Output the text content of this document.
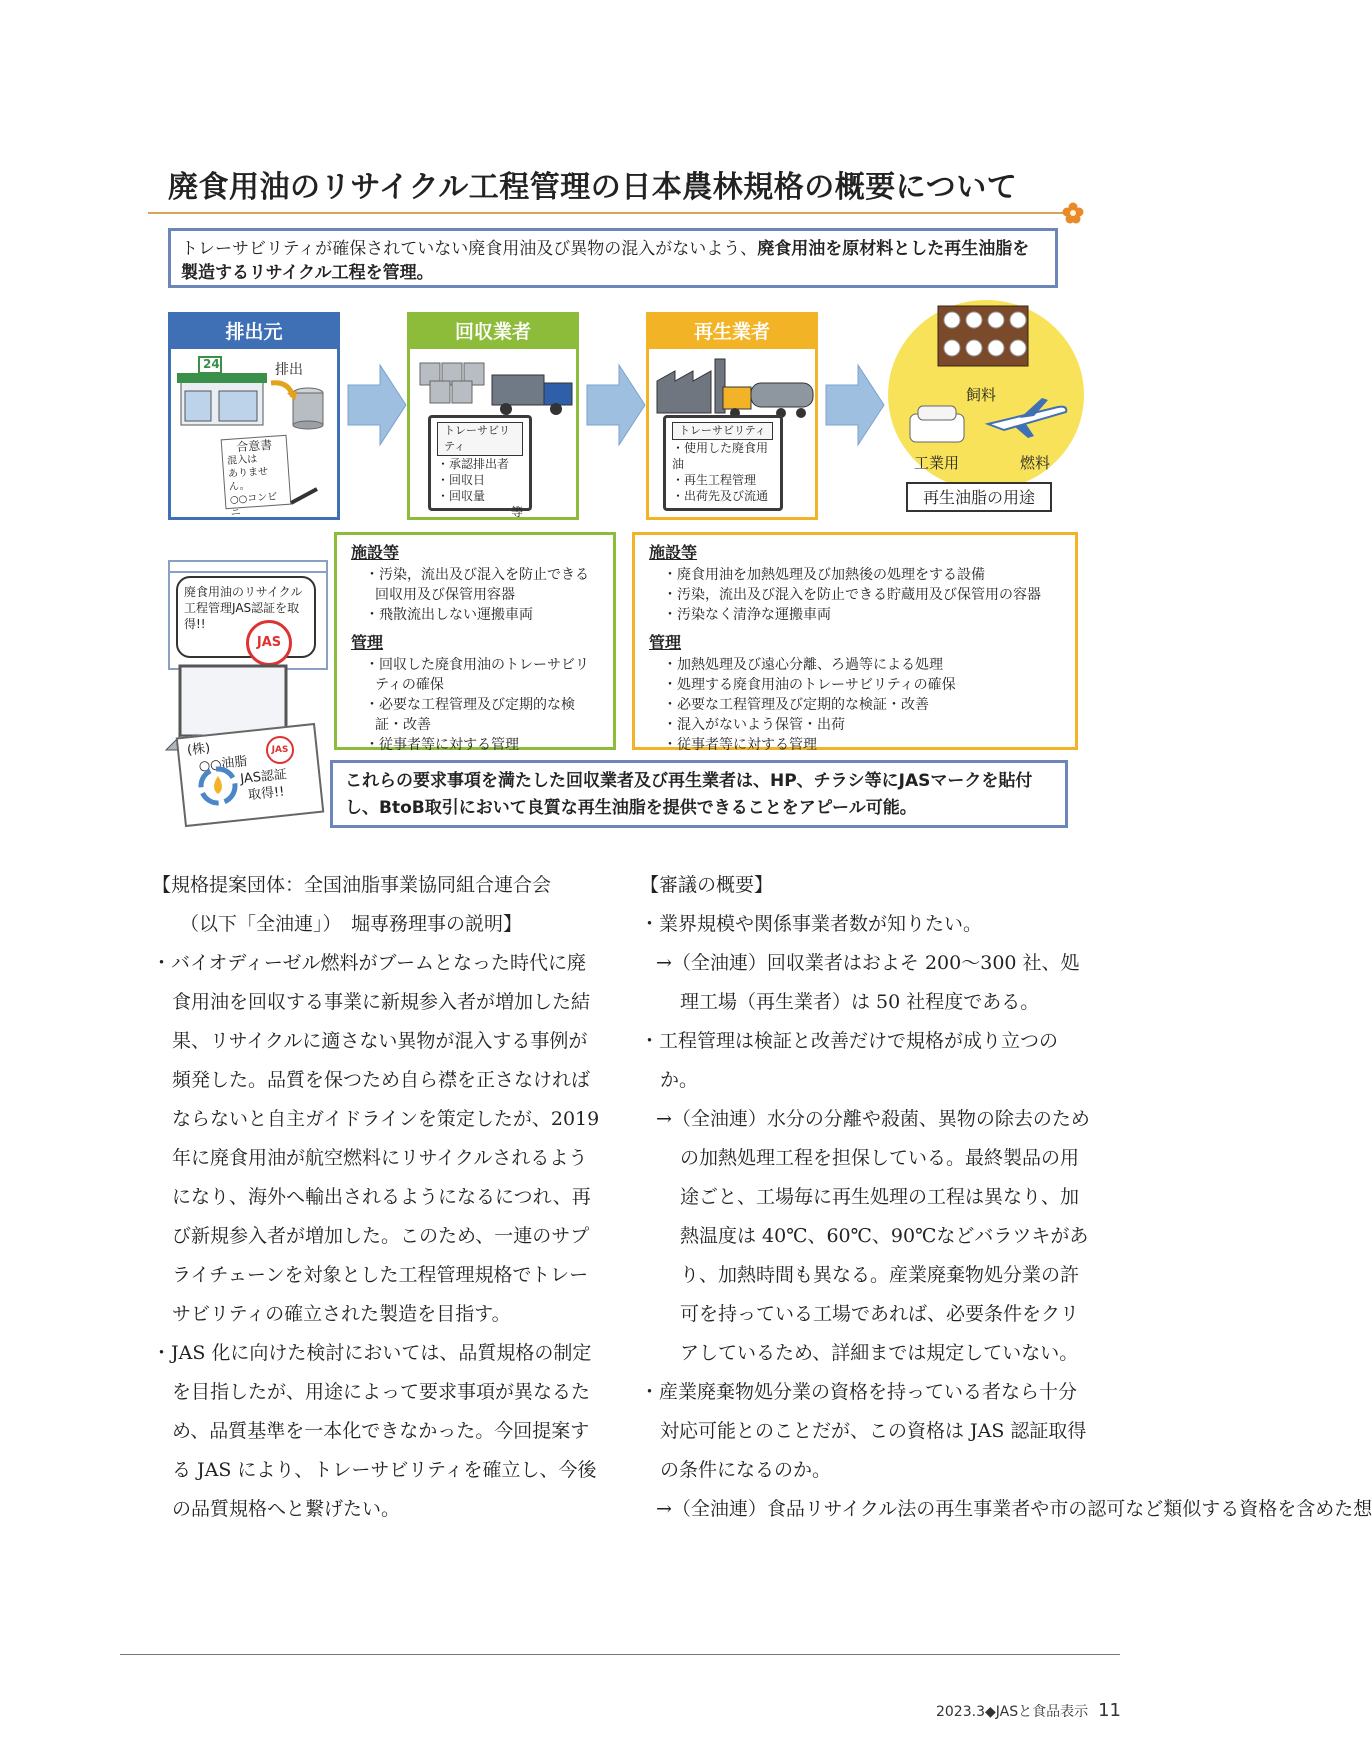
廃食用油のリサイクル工程管理の日本農林規格の概要について
トレーサビリティが確保されていない廃食用油及び異物の混入がないよう、廃食用油を原材料とした再生油脂を製造するリサイクル工程を管理。
排出元
24	排出
合意書
混入は
ありません。
○○コンビニ
回収業者
トレーサビリティ
・承認排出者
・回収日
・回収量
等
再生業者
トレーサビリティ
・使用した廃食用油
・再生工程管理
・出荷先及び流通
飼料
工業用	燃料
再生油脂の用途
廃食用油のリサイクル工程管理JAS認証を取得!!
JAS
(株)
○○油脂
JAS認証
取得!!
JAS
施設等
・汚染，流出及び混入を防止できる回収用及び保管用容器
・飛散流出しない運搬車両
管理
・回収した廃食用油のトレーサビリティの確保
・必要な工程管理及び定期的な検証・改善
・従事者等に対する管理
施設等
・廃食用油を加熱処理及び加熱後の処理をする設備
・汚染，流出及び混入を防止できる貯蔵用及び保管用の容器
・汚染なく清浄な運搬車両
管理
・加熱処理及び遠心分離、ろ過等による処理
・処理する廃食用油のトレーサビリティの確保
・必要な工程管理及び定期的な検証・改善
・混入がないよう保管・出荷
・従事者等に対する管理
これらの要求事項を満たした回収業者及び再生業者は、HP、チラシ等にJASマークを貼付し、BtoB取引において良質な再生油脂を提供できることをアピール可能。

【規格提案団体：全国油脂事業協同組合連合会

（以下「全油連」）　堀専務理事の説明】

・バイオディーゼル燃料がブームとなった時代に廃食用油を回収する事業に新規参入者が増加した結果、リサイクルに適さない異物が混入する事例が頻発した。品質を保つため自ら襟を正さなければならないと自主ガイドラインを策定したが、2019 年に廃食用油が航空燃料にリサイクルされるようになり、海外へ輸出されるようになるにつれ、再び新規参入者が増加した。このため、一連のサプライチェーンを対象とした工程管理規格でトレーサビリティの確立された製造を目指す。

・JAS 化に向けた検討においては、品質規格の制定を目指したが、用途によって要求事項が異なるため、品質基準を一本化できなかった。今回提案する JAS により、トレーサビリティを確立し、今後の品質規格へと繋げたい。

【審議の概要】

・業界規模や関係事業者数が知りたい。

→（全油連）回収業者はおよそ 200〜300 社、処理工場（再生業者）は 50 社程度である。

・工程管理は検証と改善だけで規格が成り立つのか。

→（全油連）水分の分離や殺菌、異物の除去のための加熱処理工程を担保している。最終製品の用途ごと、工場毎に再生処理の工程は異なり、加熱温度は 40℃、60℃、90℃などバラツキがあり、加熱時間も異なる。産業廃棄物処分業の許可を持っている工場であれば、必要条件をクリアしているため、詳細までは規定していない。

・産業廃棄物処分業の資格を持っている者なら十分対応可能とのことだが、この資格は JAS 認証取得の条件になるのか。

→（全油連）食品リサイクル法の再生事業者や市の認可など類似する資格を含めた想

2023.3◆JASと食品表示 11
